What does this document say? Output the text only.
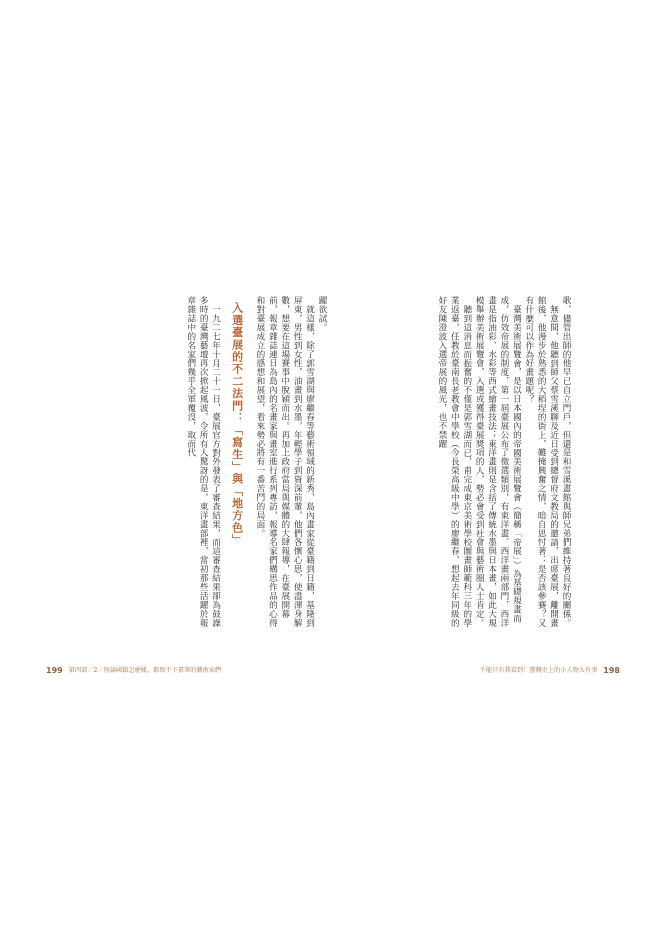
歌，儘管出師的他早已自立門戶，但還是和雪溪畫館與師兄弟們維持著良好的關係。

無意間，他聽到師父蔡雪溪聊及近日受到總督府文教局的邀請，出席臺展，離開畫館後，他漫步於熟悉的大稻埕的街上，難掩興奮之情，暗自思忖著：是否該參賽？又有什麼可以作為好畫題呢？

臺灣美術展覽會，是以日本國內的帝國美術展覽會（簡稱「帝展」）為基礎規畫而成，仿效帝展的制度，第一屆臺展公布了徵選類別，有東洋畫、西洋畫兩部門，西洋畫是指油彩、水彩等西式繪畫技法；東洋畫則是含括了傳統水墨與日本畫，如此大規模舉辦美術展覽會，入選或獲得臺展獎項的人，勢必會受到社會與藝術圈人士肯定。

聽到這消息而振奮的不僅是郭雪湖而已，甫完成東京美術學校圖畫師範科三年的學業返臺，任教於臺南長老教會中學校（今長榮高級中學）的廖繼春，想起去年同級的好友陳澄波入選帝展的風光，也不禁躍

躍欲試。

就這樣，除了郭雪湖與廖繼春等藝術領域的新秀，島內畫家從臺籍到日籍，基隆到屏東，男性到女性，油畫到水墨，年輕學子到資深前輩，他們各懷心思，使盡渾身解數，想要在這場賽事中脫穎而出。再加上政府當局與媒體的大肆報導，在臺展開幕前，報章雜誌連日為島內的名畫家與畫室進行系列專訪，報導名家們構思作品的心得和對臺展成立的感想和展望，看來勢必將有一番苦鬥的局面。

入選臺展的不二法門：「寫生」與「地方色」

一九二七年十月二十一日，臺展官方對外發表了審查結果，而這審查結果卻為鼓譟多時的臺灣藝壇再次掀起風波，令所有人驚訝的是，東洋畫部裡，當初那些活躍於報章雜誌中的名家們幾乎全軍覆沒，取而代

199 第四部／2／無論國籍怎麼樣，都寫不下畫筆的藝術家們	不能只有我看到！臺灣史上的小人物大有事 198
